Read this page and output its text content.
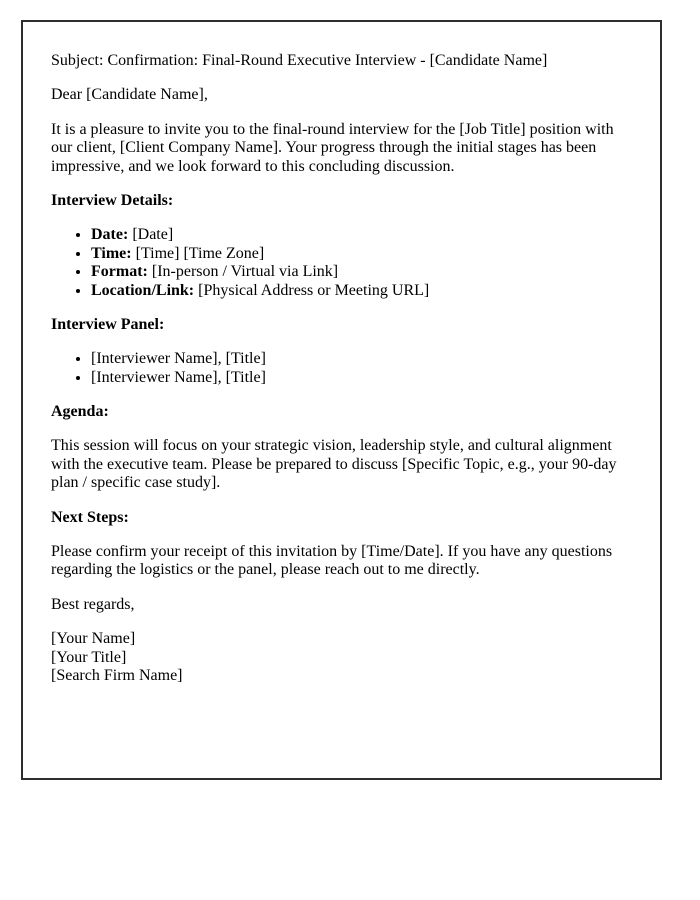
Subject: Confirmation: Final-Round Executive Interview - [Candidate Name]

Dear [Candidate Name],

It is a pleasure to invite you to the final-round interview for the [Job Title] position with our client, [Client Company Name]. Your progress through the initial stages has been impressive, and we look forward to this concluding discussion.

Interview Details:

• Date: [Date]
• Time: [Time] [Time Zone]
• Format: [In-person / Virtual via Link]
• Location/Link: [Physical Address or Meeting URL]

Interview Panel:

• [Interviewer Name], [Title]
• [Interviewer Name], [Title]

Agenda:

This session will focus on your strategic vision, leadership style, and cultural alignment with the executive team. Please be prepared to discuss [Specific Topic, e.g., your 90-day plan / specific case study].

Next Steps:

Please confirm your receipt of this invitation by [Time/Date]. If you have any questions regarding the logistics or the panel, please reach out to me directly.

Best regards,

[Your Name]
[Your Title]
[Search Firm Name]
